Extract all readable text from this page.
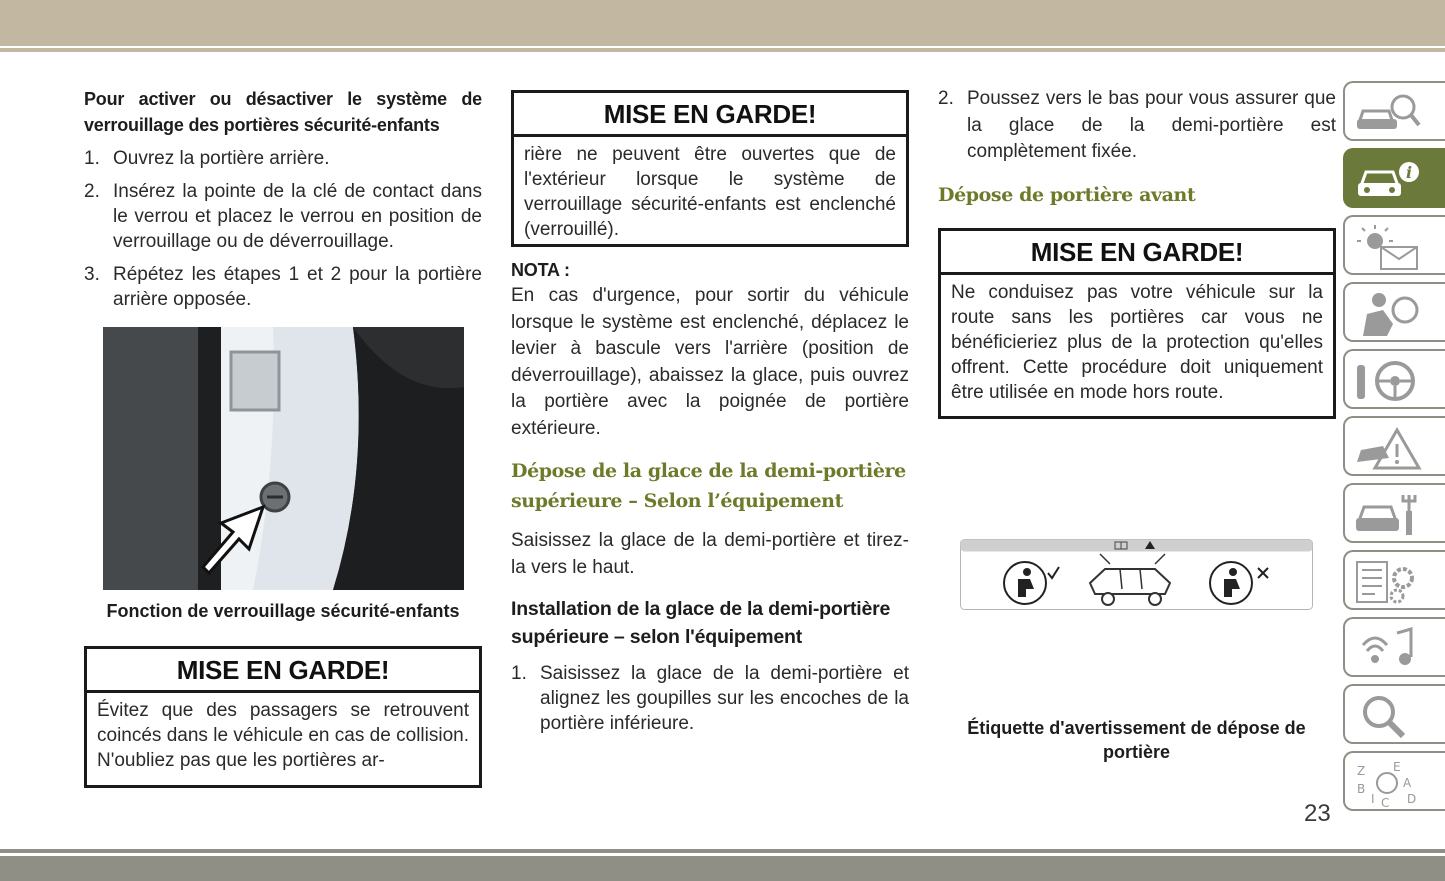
Pour activer ou désactiver le système de verrouillage des portières sécurité-enfants
1. Ouvrez la portière arrière.
2. Insérez la pointe de la clé de contact dans le verrou et placez le verrou en position de verrouillage ou de déverrouillage.
3. Répétez les étapes 1 et 2 pour la portière arrière opposée.
Fonction de verrouillage sécurité-enfants
MISE EN GARDE!
Évitez que des passagers se retrouvent coincés dans le véhicule en cas de collision. N'oubliez pas que les portières ar-
MISE EN GARDE!
rière ne peuvent être ouvertes que de l'extérieur lorsque le système de verrouillage sécurité-enfants est enclenché (verrouillé).
NOTA :
En cas d'urgence, pour sortir du véhicule lorsque le système est enclenché, déplacez le levier à bascule vers l'arrière (position de déverrouillage), abaissez la glace, puis ouvrez la portière avec la poignée de portière extérieure.
Dépose de la glace de la demi-portière supérieure – Selon l’équipement
Saisissez la glace de la demi-portière et tirez-la vers le haut.
Installation de la glace de la demi-portière supérieure – selon l'équipement
1. Saisissez la glace de la demi-portière et alignez les goupilles sur les encoches de la portière inférieure.
2. Poussez vers le bas pour vous assurer que la glace de la demi-portière est complètement fixée.
Dépose de portière avant
MISE EN GARDE!
Ne conduisez pas votre véhicule sur la route sans les portières car vous ne bénéficieriez plus de la protection qu'elles offrent. Cette procédure doit uniquement être utilisée en mode hors route.
Étiquette d'avertissement de dépose de portière
i
Z E
A
B
I C D
23
